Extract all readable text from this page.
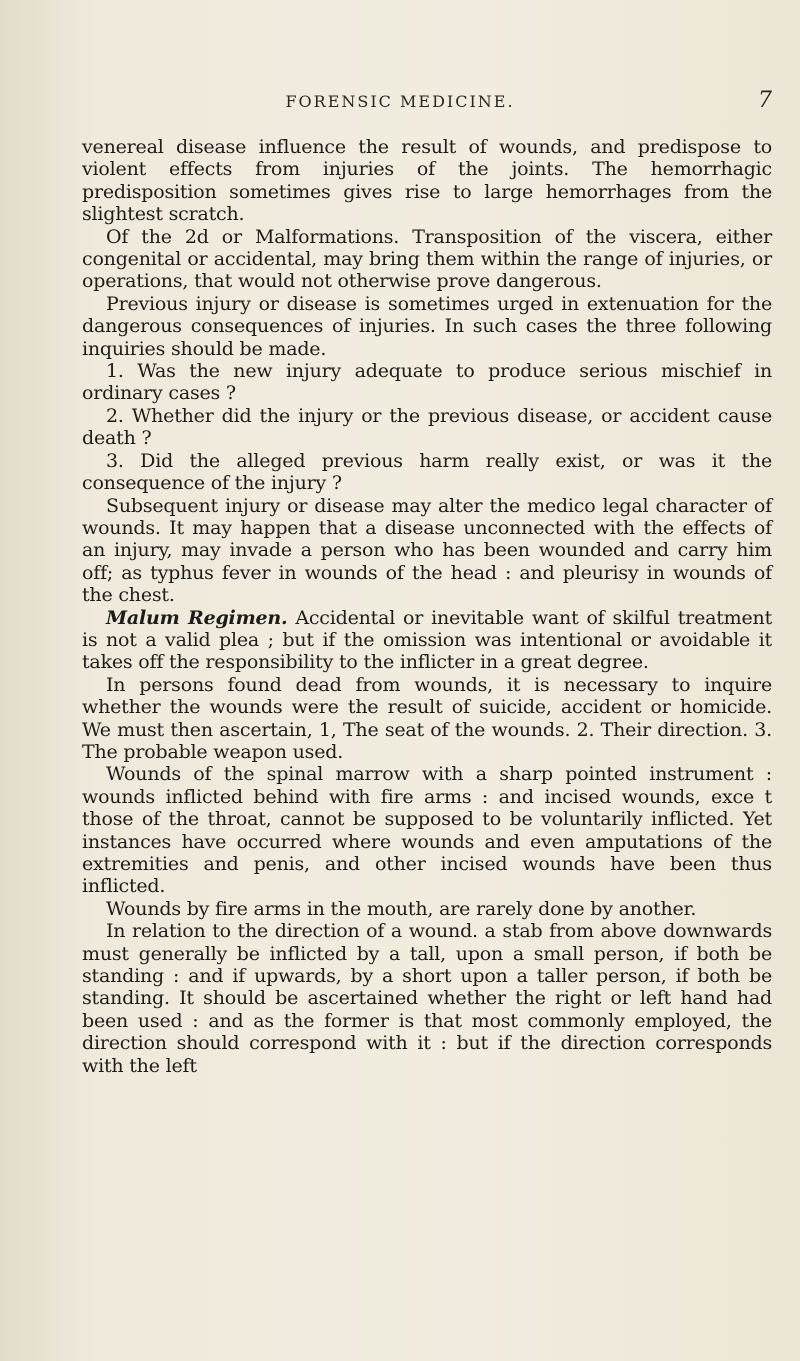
FORENSIC MEDICINE.	7

venereal disease influence the result of wounds, and predispose to violent effects from injuries of the joints. The hemorrhagic predisposition sometimes gives rise to large hemorrhages from the slightest scratch.

Of the 2d or Malformations. Transposition of the viscera, either congenital or accidental, may bring them within the range of injuries, or operations, that would not otherwise prove dangerous.

Previous injury or disease is sometimes urged in extenuation for the dangerous consequences of injuries. In such cases the three following inquiries should be made.

1. Was the new injury adequate to produce serious mischief in ordinary cases ?

2. Whether did the injury or the previous disease, or accident cause death ?

3. Did the alleged previous harm really exist, or was it the consequence of the injury ?

Subsequent injury or disease may alter the medico legal character of wounds. It may happen that a disease unconnected with the effects of an injury, may invade a person who has been wounded and carry him off; as typhus fever in wounds of the head : and pleurisy in wounds of the chest.

Malum Regimen. Accidental or inevitable want of skilful treatment is not a valid plea ; but if the omission was intentional or avoidable it takes off the responsibility to the inflicter in a great degree.

In persons found dead from wounds, it is necessary to inquire whether the wounds were the result of suicide, accident or homicide. We must then ascertain, 1, The seat of the wounds. 2. Their direction. 3. The probable weapon used.

Wounds of the spinal marrow with a sharp pointed instrument : wounds inflicted behind with fire arms : and incised wounds, exce t those of the throat, cannot be supposed to be voluntarily inflicted. Yet instances have occurred where wounds and even amputations of the extremities and penis, and other incised wounds have been thus inflicted.

Wounds by fire arms in the mouth, are rarely done by another.

In relation to the direction of a wound. a stab from above downwards must generally be inflicted by a tall, upon a small person, if both be standing : and if upwards, by a short upon a taller person, if both be standing. It should be ascertained whether the right or left hand had been used : and as the former is that most commonly employed, the direction should correspond with it : but if the direction corresponds with the left
